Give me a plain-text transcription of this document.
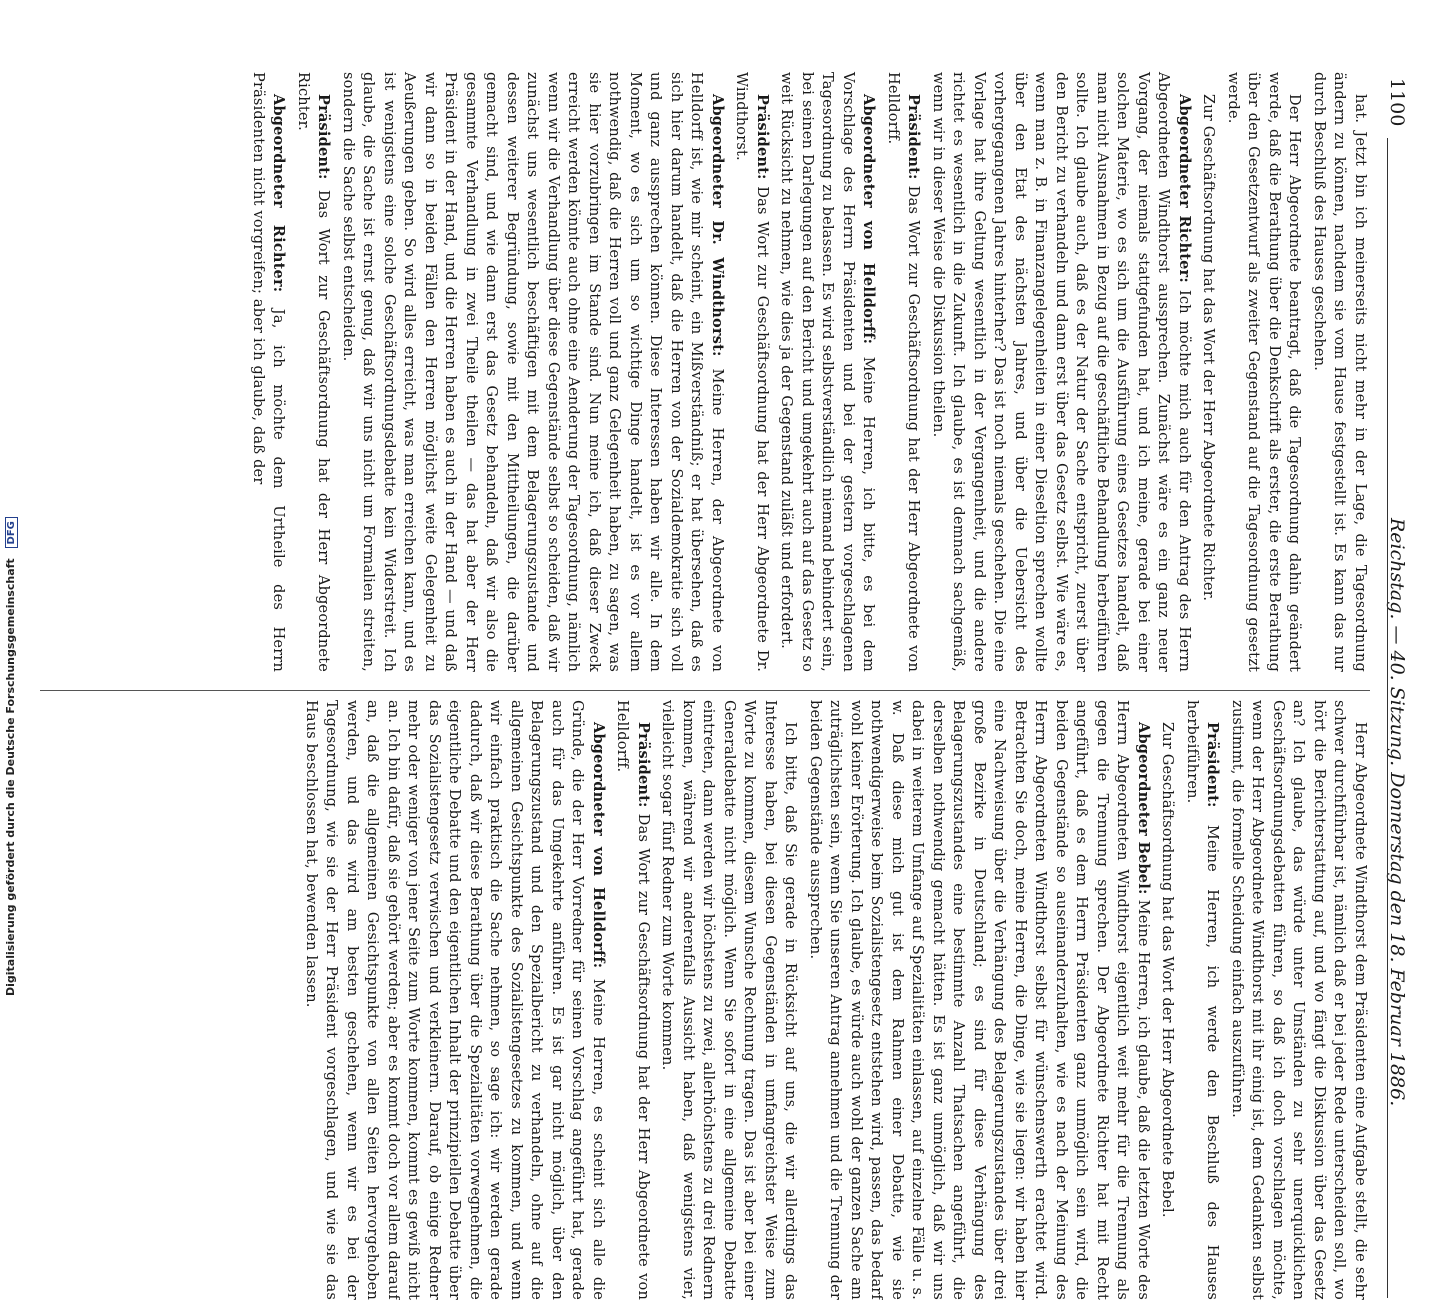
Digitalisierung gefördert durch die Deutsche Forschungsgemeinschaft DFG
1100
Reichstag. — 40. Sitzung. Donnerstag den 18. Februar 1886.

hat. Jetzt bin ich meinerseits nicht mehr in der Lage, die Tagesordnung ändern zu können, nachdem sie vom Hause festgestellt ist. Es kann das nur durch Beschluß des Hauses geschehen.

Der Herr Abgeordnete beantragt, daß die Tagesordnung dahin geändert werde, daß die Berathung über die Denkschrift als erster, die erste Berathung über den Gesetzentwurf als zweiter Gegenstand auf die Tagesordnung gesetzt werde.

Zur Geschäftsordnung hat das Wort der Herr Abgeordnete Richter.

Abgeordneter Richter: Ich möchte mich auch für den Antrag des Herrn Abgeordneten Windthorst aussprechen. Zunächst wäre es ein ganz neuer Vorgang, der niemals stattgefunden hat, und ich meine, gerade bei einer solchen Materie, wo es sich um die Ausführung eines Gesetzes handelt, daß man nicht Ausnahmen in Bezug auf die geschäftliche Behandlung herbeiführen sollte. Ich glaube auch, daß es der Natur der Sache entspricht, zuerst über den Bericht zu verhandeln und dann erst über das Gesetz selbst. Wie wäre es, wenn man z. B. in Finanzangelegenheiten in einer Dieseltion sprechen wollte über den Etat des nächsten Jahres, und über die Uebersicht des vorhergegangenen Jahres hinterher? Das ist noch niemals geschehen. Die eine Vorlage hat ihre Geltung wesentlich in der Vergangenheit, und die andere richtet es wesentlich in die Zukunft. Ich glaube, es ist demnach sachgemäß, wenn wir in dieser Weise die Diskussion theilen.

Präsident: Das Wort zur Geschäftsordnung hat der Herr Abgeordnete von Helldorff.

Abgeordneter von Helldorff: Meine Herren, ich bitte, es bei dem Vorschlage des Herrn Präsidenten und bei der gestern vorgeschlagenen Tagesordnung zu belassen. Es wird selbstverständlich niemand behindert sein, bei seinen Darlegungen auf den Bericht und umgekehrt auch auf das Gesetz so weit Rücksicht zu nehmen, wie dies ja der Gegenstand zuläßt und erfordert.

Präsident: Das Wort zur Geschäftsordnung hat der Herr Abgeordnete Dr. Windthorst.

Abgeordneter Dr. Windthorst: Meine Herren, der Abgeordnete von Helldorff ist, wie mir scheint, ein Mißverständniß; er hat übersehen, daß es sich hier darum handelt, daß die Herren von der Sozialdemokratie sich voll und ganz aussprechen können. Diese Interessen haben wir alle. In dem Moment, wo es sich um so wichtige Dinge handelt, ist es vor allem nothwendig, daß die Herren voll und ganz Gelegenheit haben, zu sagen, was sie hier vorzubringen im Stande sind. Nun meine ich, daß dieser Zweck erreicht werden könnte auch ohne eine Aenderung der Tagesordnung, nämlich wenn wir die Verhandlung über diese Gegenstände selbst so scheiden, daß wir zunächst uns wesentlich beschäftigen mit dem Belagerungszustande und dessen weiterer Begründung, sowie mit den Mittheilungen, die darüber gemacht sind, und wie dann erst das Gesetz behandeln, daß wir also die gesammte Verhandlung in zwei Theile theilen — das hat aber der Herr Präsident in der Hand, und die Herren haben es auch in der Hand — und daß wir dann so in beiden Fällen den Herren möglichst weite Gelegenheit zu Aeußerungen geben. So wird alles erreicht, was man erreichen kann, und es ist wenigstens eine solche Geschäftsordnungsdebatte kein Widerstreit. Ich glaube, die Sache ist ernst genug, daß wir uns nicht um Formalien streiten, sondern die Sache selbst entscheiden.

Präsident: Das Wort zur Geschäftsordnung hat der Herr Abgeordnete Richter.

Abgeordneter Richter: Ja, ich möchte dem Urtheile des Herrn Präsidenten nicht vorgreifen; aber ich glaube, daß der

Herr Abgeordnete Windthorst dem Präsidenten eine Aufgabe stellt, die sehr schwer durchführbar ist, nämlich daß er bei jeder Rede unterscheiden soll, wo hört die Berichterstattung auf, und wo fängt die Diskussion über das Gesetz an? Ich glaube, das würde unter Umständen zu sehr unerquicklichen Geschäftsordnungsdebatten führen, so daß ich doch vorschlagen möchte, wenn der Herr Abgeordnete Windthorst mit ihr einig ist, dem Gedanken selbst zustimmt, die formelle Scheidung einfach auszuführen.

Präsident: Meine Herren, ich werde den Beschluß des Hauses herbeiführen.

Zur Geschäftsordnung hat das Wort der Herr Abgeordnete Bebel.

Abgeordneter Bebel: Meine Herren, ich glaube, daß die letzten Worte des Herrn Abgeordneten Windthorst eigentlich weit mehr für die Trennung als gegen die Trennung sprechen. Der Abgeordnete Richter hat mit Recht angeführt, daß es dem Herrn Präsidenten ganz unmöglich sein wird, die beiden Gegenstände so auseinanderzuhalten, wie es nach der Meinung des Herrn Abgeordneten Windthorst selbst für wünschenswerth erachtet wird. Betrachten Sie doch, meine Herren, die Dinge, wie sie liegen: wir haben hier eine Nachweisung über die Verhängung des Belagerungszustandes über drei große Bezirke in Deutschland; es sind für diese Verhängung des Belagerungszustandes eine bestimmte Anzahl Thatsachen angeführt, die derselben nothwendig gemacht hätten. Es ist ganz unmöglich, daß wir uns dabei in weiterem Umfange auf Spezialitäten einlassen, auf einzelne Fälle u. s. w. Daß diese mich gut ist dem Rahmen einer Debatte, wie sie nothwendigerweise beim Sozialistengesetz entstehen wird, passen, das bedarf wohl keiner Erörterung. Ich glaube, es würde auch wohl der ganzen Sache am zuträglichsten sein, wenn Sie unseren Antrag annehmen und die Trennung der beiden Gegenstände aussprechen.

Ich bitte, daß Sie gerade in Rücksicht auf uns, die wir allerdings das Interesse haben, bei diesen Gegenständen in umfangreichster Weise zum Worte zu kommen, diesem Wunsche Rechnung tragen. Das ist aber bei einer Generaldebatte nicht möglich. Wenn Sie sofort in eine allgemeine Debatte eintreten, dann werden wir höchstens zu zwei, allerhöchstens zu drei Rednern kommen, während wir anderenfalls Aussicht haben, daß wenigstens vier, vielleicht sogar fünf Redner zum Worte kommen.

Präsident: Das Wort zur Geschäftsordnung hat der Herr Abgeordnete von Helldorff.

Abgeordneter von Helldorff: Meine Herren, es scheint sich alle die Gründe, die der Herr Vorredner für seinen Vorschlag angeführt hat, gerade auch für das Umgekehrte anführen. Es ist gar nicht möglich, über den Belagerungszustand und den Spezialbericht zu verhandeln, ohne auf die allgemeinen Gesichtspunkte des Sozialistengesetzes zu kommen, und wenn wir einfach praktisch die Sache nehmen, so sage ich: wir werden gerade dadurch, daß wir diese Berathung über die Spezialitäten vorwegnehmen, die eigentliche Debatte und den eigentlichen Inhalt der prinzipiellen Debatte über das Sozialistengesetz verwischen und verkleinern. Darauf, ob einige Redner mehr oder weniger von jener Seite zum Worte kommen, kommt es gewiß nicht an. Ich bin dafür, daß sie gehört werden; aber es kommt doch vor allem darauf an, daß die allgemeinen Gesichtspunkte von allen Seiten hervorgehoben werden, und das wird am besten geschehen, wenn wir es bei der Tagesordnung, wie sie der Herr Präsident vorgeschlagen, und wie sie das Haus beschlossen hat, bewenden lassen.
